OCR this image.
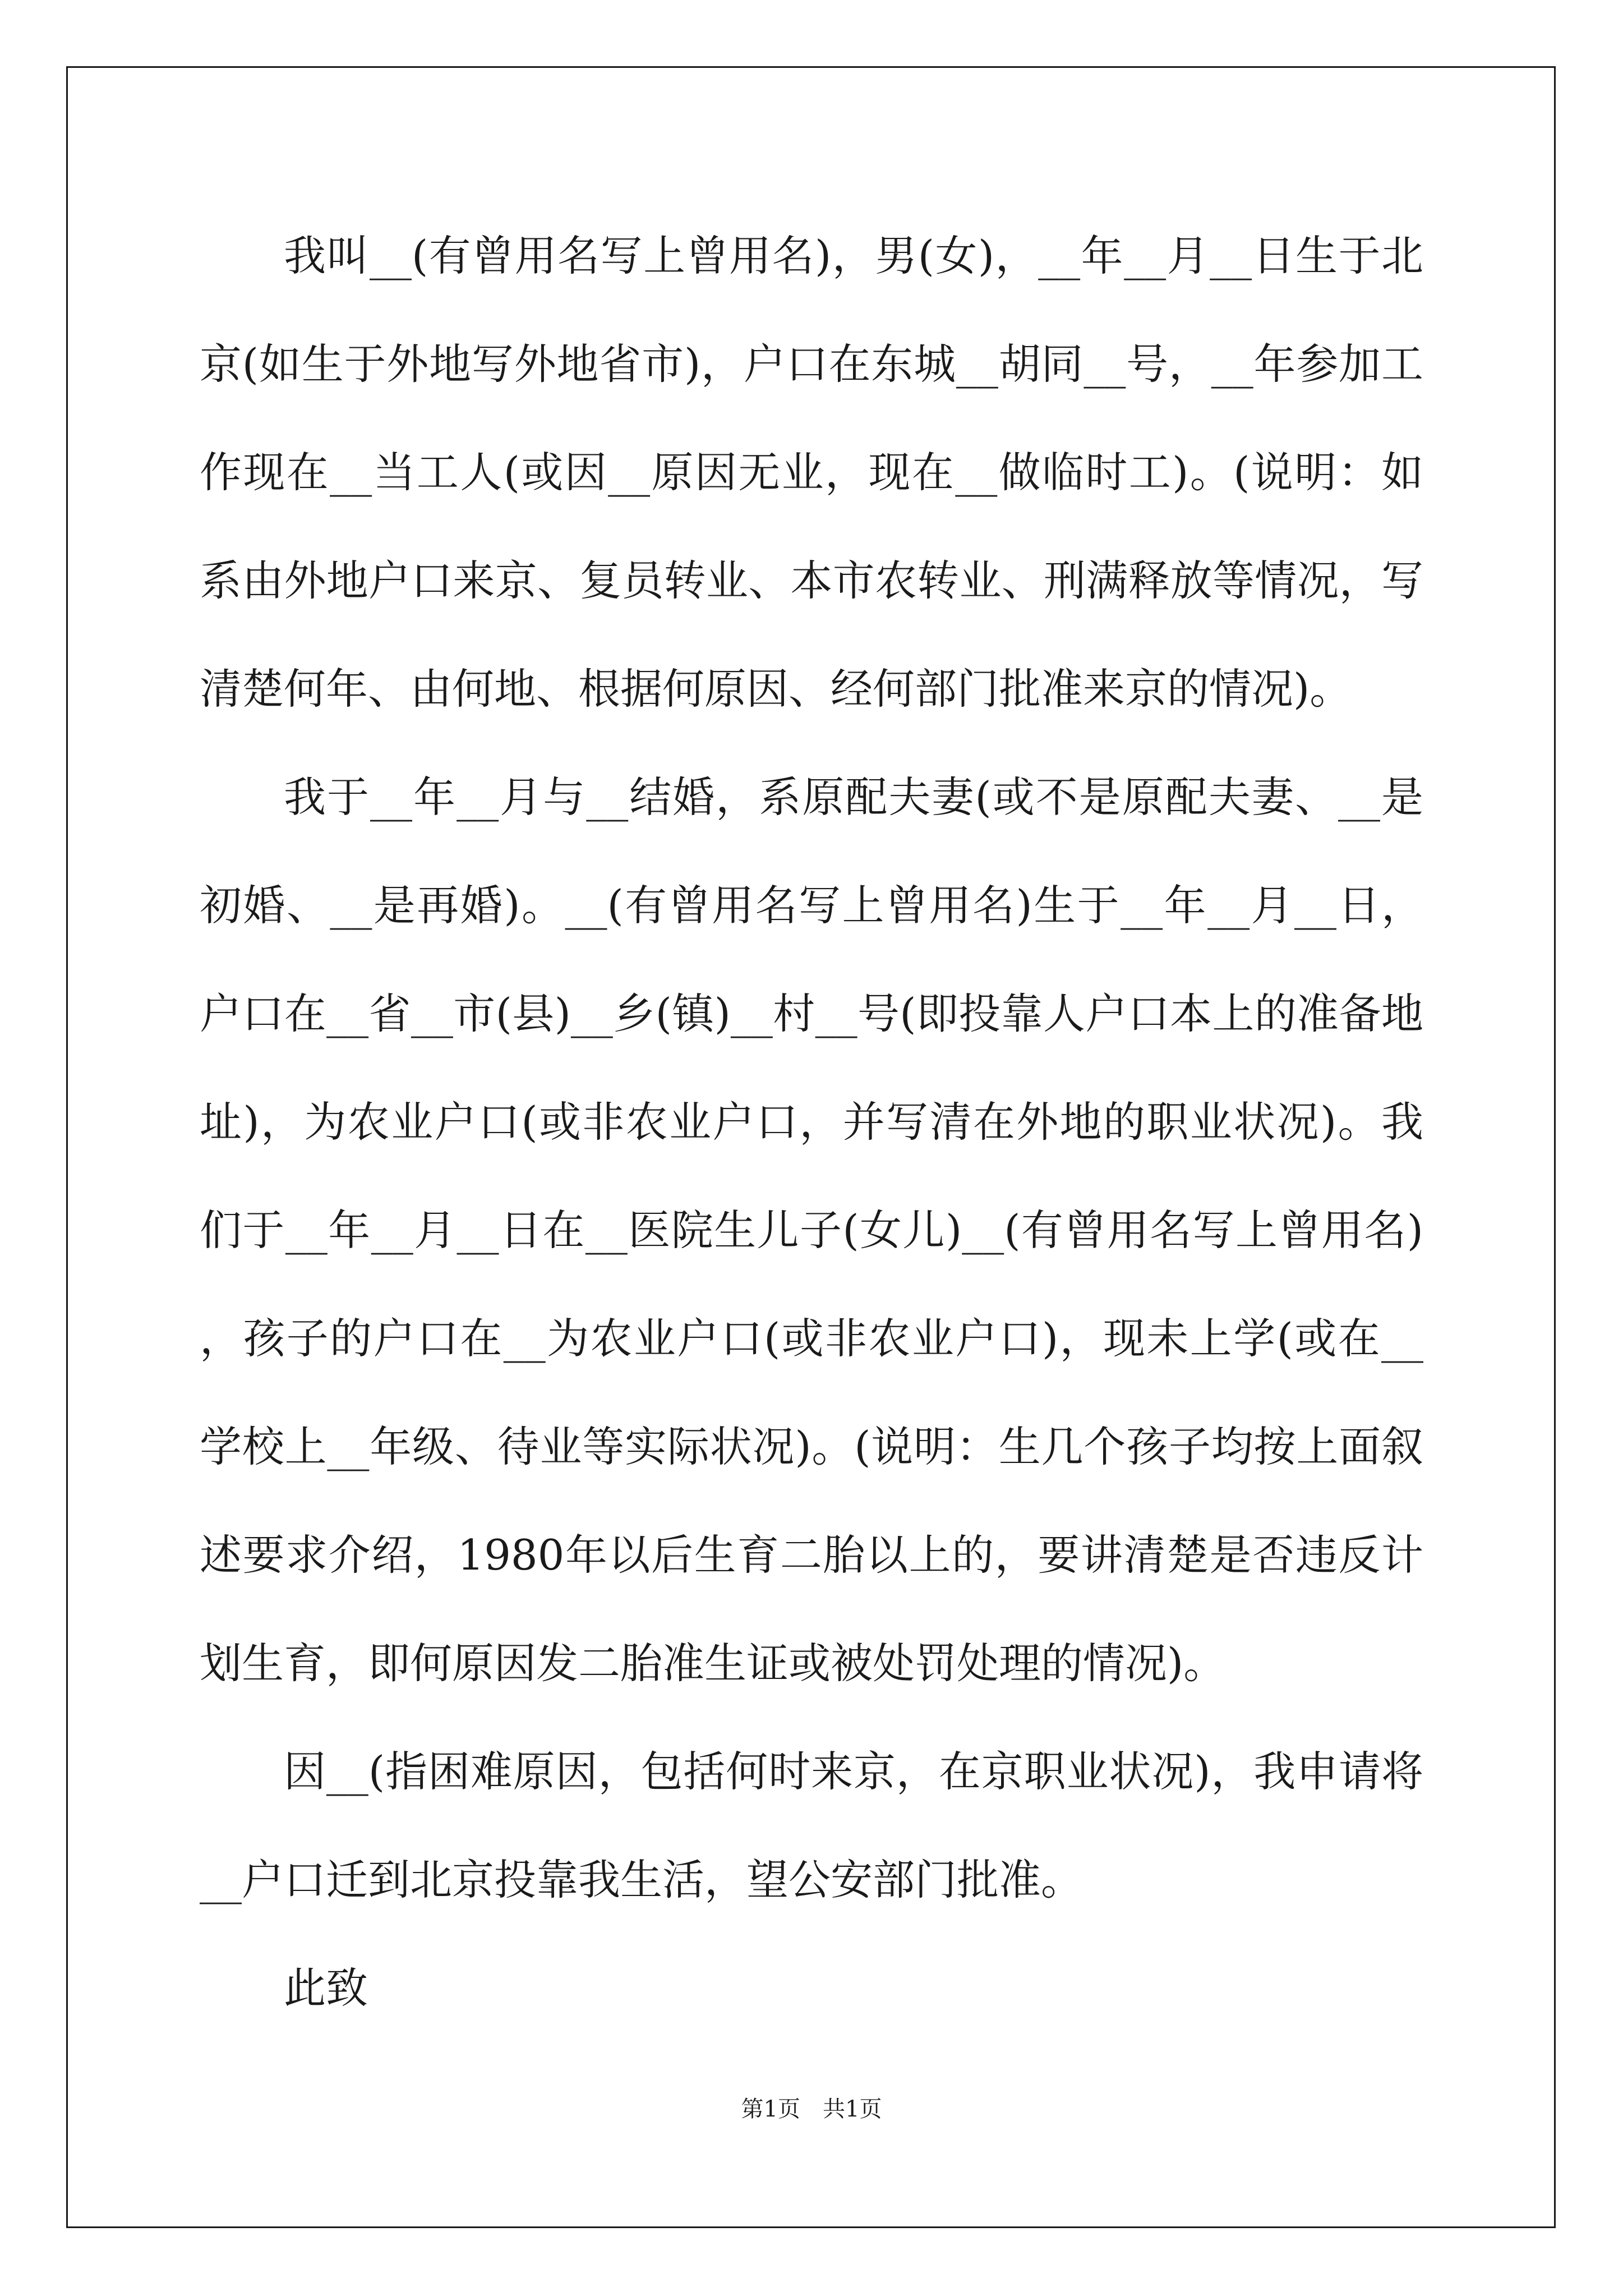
我叫__(有曾用名写上曾用名)，男(女)，__年__月__日生于北京(如生于外地写外地省市)，户口在东城__胡同__号，__年参加工作现在__当工人(或因__原因无业，现在__做临时工)。(说明：如系由外地户口来京、复员转业、本市农转业、刑满释放等情况，写清楚何年、由何地、根据何原因、经何部门批准来京的情况)。

我于__年__月与__结婚，系原配夫妻(或不是原配夫妻、__是初婚、__是再婚)。__(有曾用名写上曾用名)生于__年__月__日，户口在__省__市(县)__乡(镇)__村__号(即投靠人户口本上的准备地址)，为农业户口(或非农业户口，并写清在外地的职业状况)。我们于__年__月__日在__医院生儿子(女儿)__(有曾用名写上曾用名)，孩子的户口在__为农业户口(或非农业户口)，现未上学(或在__学校上__年级、待业等实际状况)。(说明：生几个孩子均按上面叙述要求介绍，1980年以后生育二胎以上的，要讲清楚是否违反计划生育，即何原因发二胎准生证或被处罚处理的情况)。

因__(指困难原因，包括何时来京，在京职业状况)，我申请将__户口迁到北京投靠我生活，望公安部门批准。

此致

第1页　共1页
